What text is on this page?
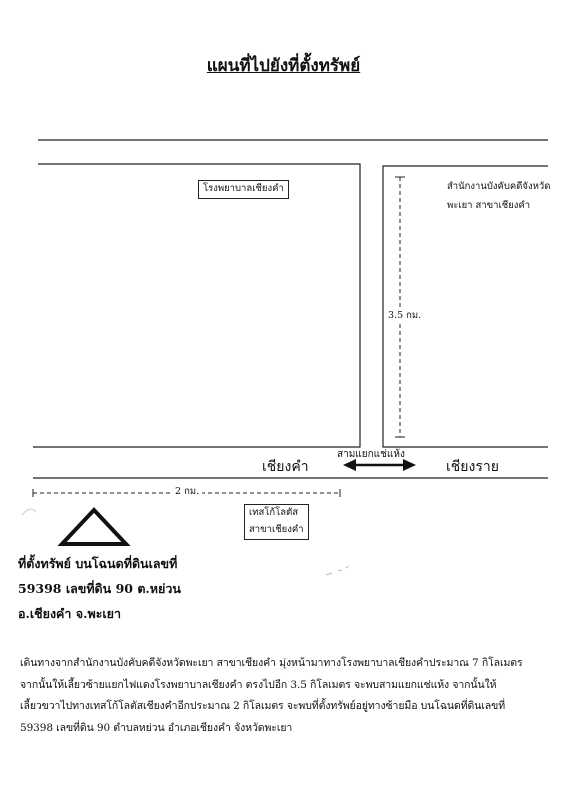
แผนที่ไปยังที่ตั้งทรัพย์
โรงพยาบาลเชียงคำ	สำนักงานบังคับคดีจังหวัด
พะเยา สาขาเชียงคำ
3.5 กม.
2 กม.
สามแยกแช่แห้ง
เชียงคำ	เชียงราย
เทสโก้โลตัส
สาขาเชียงคำ
ที่ตั้งทรัพย์ บนโฉนดที่ดินเลขที่
59398 เลขที่ดิน 90 ต.หย่วน
อ.เชียงคำ จ.พะเยา
เดินทางจากสำนักงานบังคับคดีจังหวัดพะเยา สาขาเชียงคำ มุ่งหน้ามาทางโรงพยาบาลเชียงคำประมาณ 7 กิโลเมตร
จากนั้นให้เลี้ยวซ้ายแยกไฟแดงโรงพยาบาลเชียงคำ ตรงไปอีก 3.5 กิโลเมตร จะพบสามแยกแช่แห้ง จากนั้นให้
เลี้ยวขวาไปทางเทสโก้โลตัสเชียงคำอีกประมาณ 2 กิโลเมตร จะพบที่ตั้งทรัพย์อยู่ทางซ้ายมือ บนโฉนดที่ดินเลขที่
59398 เลขที่ดิน 90 ตำบลหย่วน อำเภอเชียงคำ จังหวัดพะเยา
